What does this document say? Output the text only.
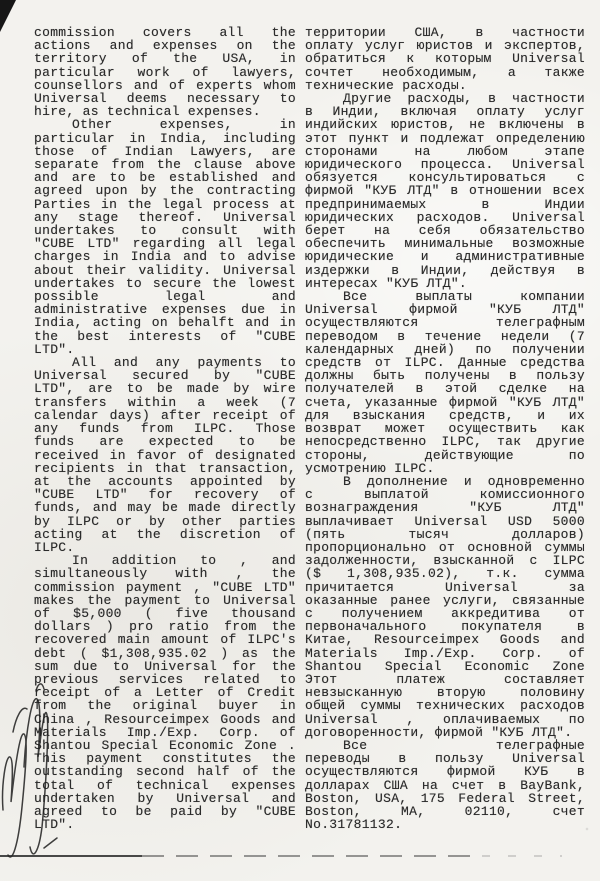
commission covers all the
actions and expenses on the
territory of the USA, in
particular work of lawyers,
counsellors and of experts whom
Universal deems necessary to
hire, as technical expenses.
Other expenses, in
particular in India, including
those of Indian Lawyers, are
separate from the clause above
and are to be established and
agreed upon by the contracting
Parties in the legal process at
any stage thereof. Universal
undertakes to consult with
"CUBE LTD" regarding all legal
charges in India and to advise
about their validity. Universal
undertakes to secure the lowest
possible legal and
administrative expenses due in
India, acting on behalft and in
the best interests of "CUBE
LTD".
All and any payments to
Universal secured by "CUBE
LTD", are to be made by wire
transfers within a week (7
calendar days) after receipt of
any funds from ILPC. Those
funds are expected to be
received in favor of designated
recipients in that transaction,
at the accounts appointed by
"CUBE LTD" for recovery of
funds, and may be made directly
by ILPC or by other parties
acting at the discretion of
ILPC.
In addition to , and
simultaneously with , the
commission payment , "CUBE LTD"
makes the payment to Universal
of $5,000 ( five thousand
dollars ) pro ratio from the
recovered main amount of ILPC's
debt ( $1,308,935.02 ) as the
sum due to Universal for the
previous services related to
receipt of a Letter of Credit
from the original buyer in
China , Resourceimpex Goods and
Materials Imp./Exp. Corp. of
Shantou Special Economic Zone .
This payment constitutes the
outstanding second half of the
total of technical expenses
undertaken by Universal and
agreed to be paid by "CUBE
LTD".
территории США, в частности
оплату услуг юристов и экспертов,
обратиться к которым Universal
сочтет необходимым, а также
технические расходы.
Другие расходы, в частности
в Индии, включая оплату услуг
индийских юристов, не включены в
этот пункт и подлежат определению
сторонами на любом этапе
юридического процесса. Universal
обязуется консультироваться с
фирмой "КУБ ЛТД" в отношении всех
предпринимаемых в Индии
юридических расходов. Universal
берет на себя обязательство
обеспечить минимальные возможные
юридические и административные
издержки в Индии, действуя в
интересах "КУБ ЛТД".
Все выплаты компании
Universal фирмой "КУБ ЛТД"
осуществляются телеграфным
переводом в течение недели (7
календарных дней) по получении
средств от ILPC. Данные средства
должны быть получены в пользу
получателей в этой сделке на
счета, указанные фирмой "КУБ ЛТД"
для взыскания средств, и их
возврат может осуществить как
непосредственно ILPC, так другие
стороны, действующие по
усмотрению ILPC.
В дополнение и одновременно
с выплатой комиссионного
вознаграждения "КУБ ЛТД"
выплачивает Universal USD 5000
(пять тысяч долларов)
пропорционально от основной суммы
задолженности, взысканной с ILPC
($ 1,308,935.02), т.к. сумма
причитается Universal за
оказанные ранее услуги, связанные
с получением аккредитива от
первоначального покупателя в
Китае, Resourceimpex Goods and
Materials Imp./Exp. Corp. of
Shantou Special Economic Zone
Этот платеж составляет
невзысканную вторую половину
общей суммы технических расходов
Universal , оплачиваемых по
договоренности, фирмой "КУБ ЛТД".
Все телеграфные
переводы в пользу Universal
осуществляются фирмой КУБ в
долларах США на счет в BayBank,
Boston, USA, 175 Federal Street,
Boston, MA, 02110, счет
No.31781132.
